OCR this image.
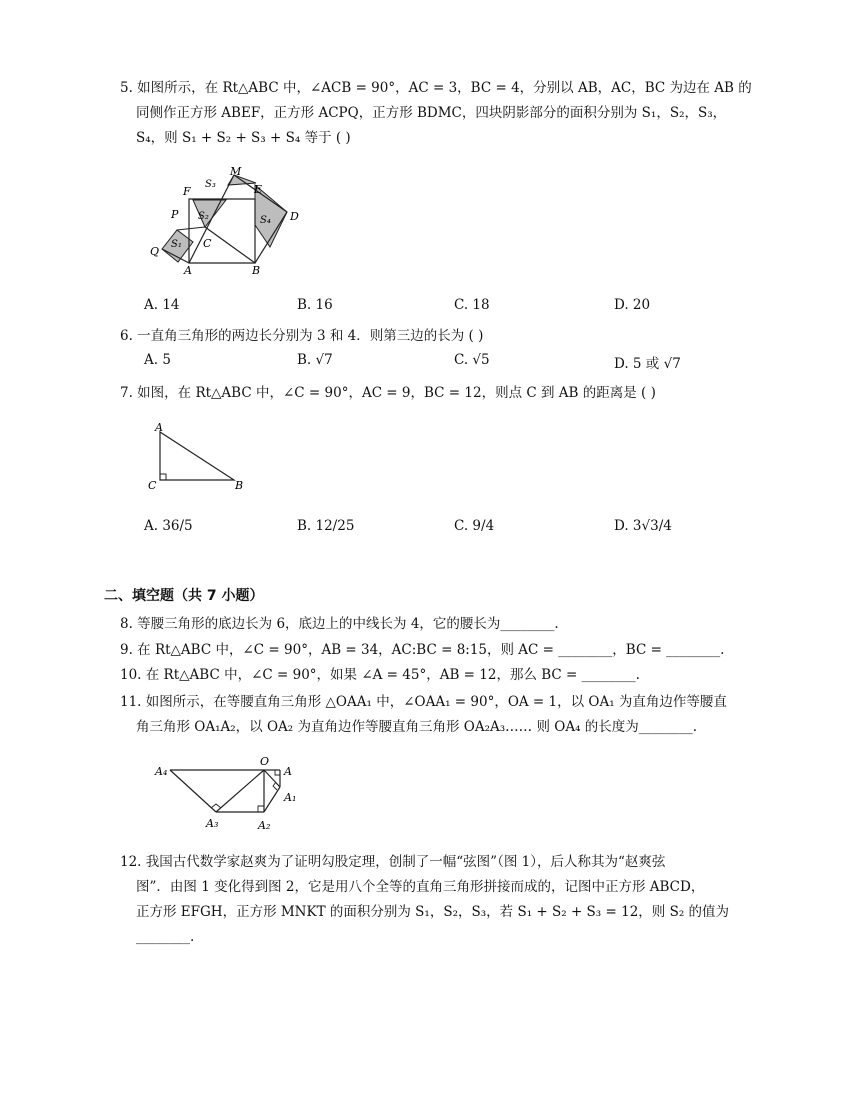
5. 如图所示，在 Rt△ABC 中，∠ACB = 90°，AC = 3，BC = 4，分别以 AB，AC，BC 为边在 AB 的

同侧作正方形 ABEF，正方形 ACPQ，正方形 BDMC，四块阴影部分的面积分别为 S₁，S₂，S₃，

S₄，则 S₁ + S₂ + S₃ + S₄ 等于 ( )

M
F	E
S₃
S₂	S₄ D
P
Q
S₁ C
A	B
A. 14	B. 16	C. 18	D. 20

6. 一直角三角形的两边长分别为 3 和 4．则第三边的长为 ( )

A. 5	B. √7	C. √5	D. 5 或 √7

7. 如图，在 Rt△ABC 中，∠C = 90°，AC = 9，BC = 12，则点 C 到 AB 的距离是 ( )

A
C	B
A. 36/5	B. 12/25	C. 9/4	D. 3√3/4
二、填空题（共 7 小题）

8. 等腰三角形的底边长为 6，底边上的中线长为 4，它的腰长为________.

9. 在 Rt△ABC 中，∠C = 90°，AB = 34，AC:BC = 8:15，则 AC = ________，BC = ________.

10. 在 Rt△ABC 中，∠C = 90°，如果 ∠A = 45°，AB = 12，那么 BC = ________.

11. 如图所示，在等腰直角三角形 △OAA₁ 中，∠OAA₁ = 90°，OA = 1，以 OA₁ 为直角边作等腰直

角三角形 OA₁A₂，以 OA₂ 为直角边作等腰直角三角形 OA₂A₃…… 则 OA₄ 的长度为________.

A₄
O
A
A₁
A₃	A₂

12. 我国古代数学家赵爽为了证明勾股定理，创制了一幅“弦图”（图 1），后人称其为“赵爽弦

图”．由图 1 变化得到图 2，它是用八个全等的直角三角形拼接而成的，记图中正方形 ABCD，

正方形 EFGH，正方形 MNKT 的面积分别为 S₁，S₂，S₃，若 S₁ + S₂ + S₃ = 12，则 S₂ 的值为

________.
